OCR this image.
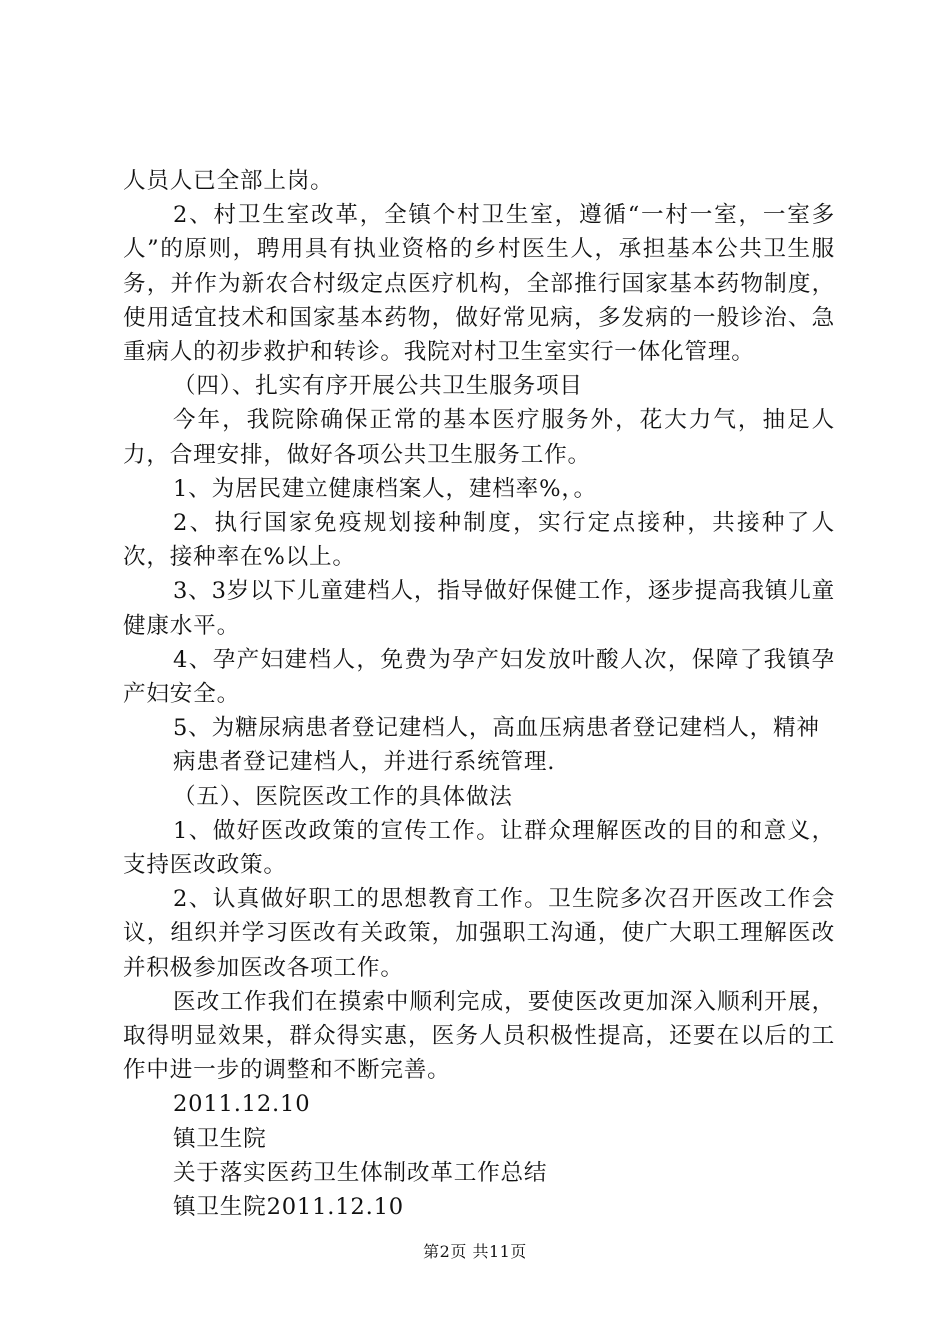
人员人已全部上岗。

2、村卫生室改革，全镇个村卫生室，遵循“一村一室，一室多人”的原则，聘用具有执业资格的乡村医生人，承担基本公共卫生服务，并作为新农合村级定点医疗机构，全部推行国家基本药物制度，使用适宜技术和国家基本药物，做好常见病，多发病的一般诊治、急重病人的初步救护和转诊。我院对村卫生室实行一体化管理。

（四）、扎实有序开展公共卫生服务项目

今年，我院除确保正常的基本医疗服务外，花大力气，抽足人力，合理安排，做好各项公共卫生服务工作。

1、为居民建立健康档案人，建档率%，。

2、执行国家免疫规划接种制度，实行定点接种，共接种了人次，接种率在%以上。

3、3岁以下儿童建档人，指导做好保健工作，逐步提高我镇儿童健康水平。

4、孕产妇建档人，免费为孕产妇发放叶酸人次，保障了我镇孕产妇安全。

5、为糖尿病患者登记建档人，高血压病患者登记建档人，精神

病患者登记建档人，并进行系统管理.

（五）、医院医改工作的具体做法

1、做好医改政策的宣传工作。让群众理解医改的目的和意义，支持医改政策。

2、认真做好职工的思想教育工作。卫生院多次召开医改工作会议，组织并学习医改有关政策，加强职工沟通，使广大职工理解医改并积极参加医改各项工作。

医改工作我们在摸索中顺利完成，要使医改更加深入顺利开展，取得明显效果，群众得实惠，医务人员积极性提高，还要在以后的工作中进一步的调整和不断完善。

2011.12.10

镇卫生院

关于落实医药卫生体制改革工作总结

镇卫生院2011.12.10

第2页 共11页
